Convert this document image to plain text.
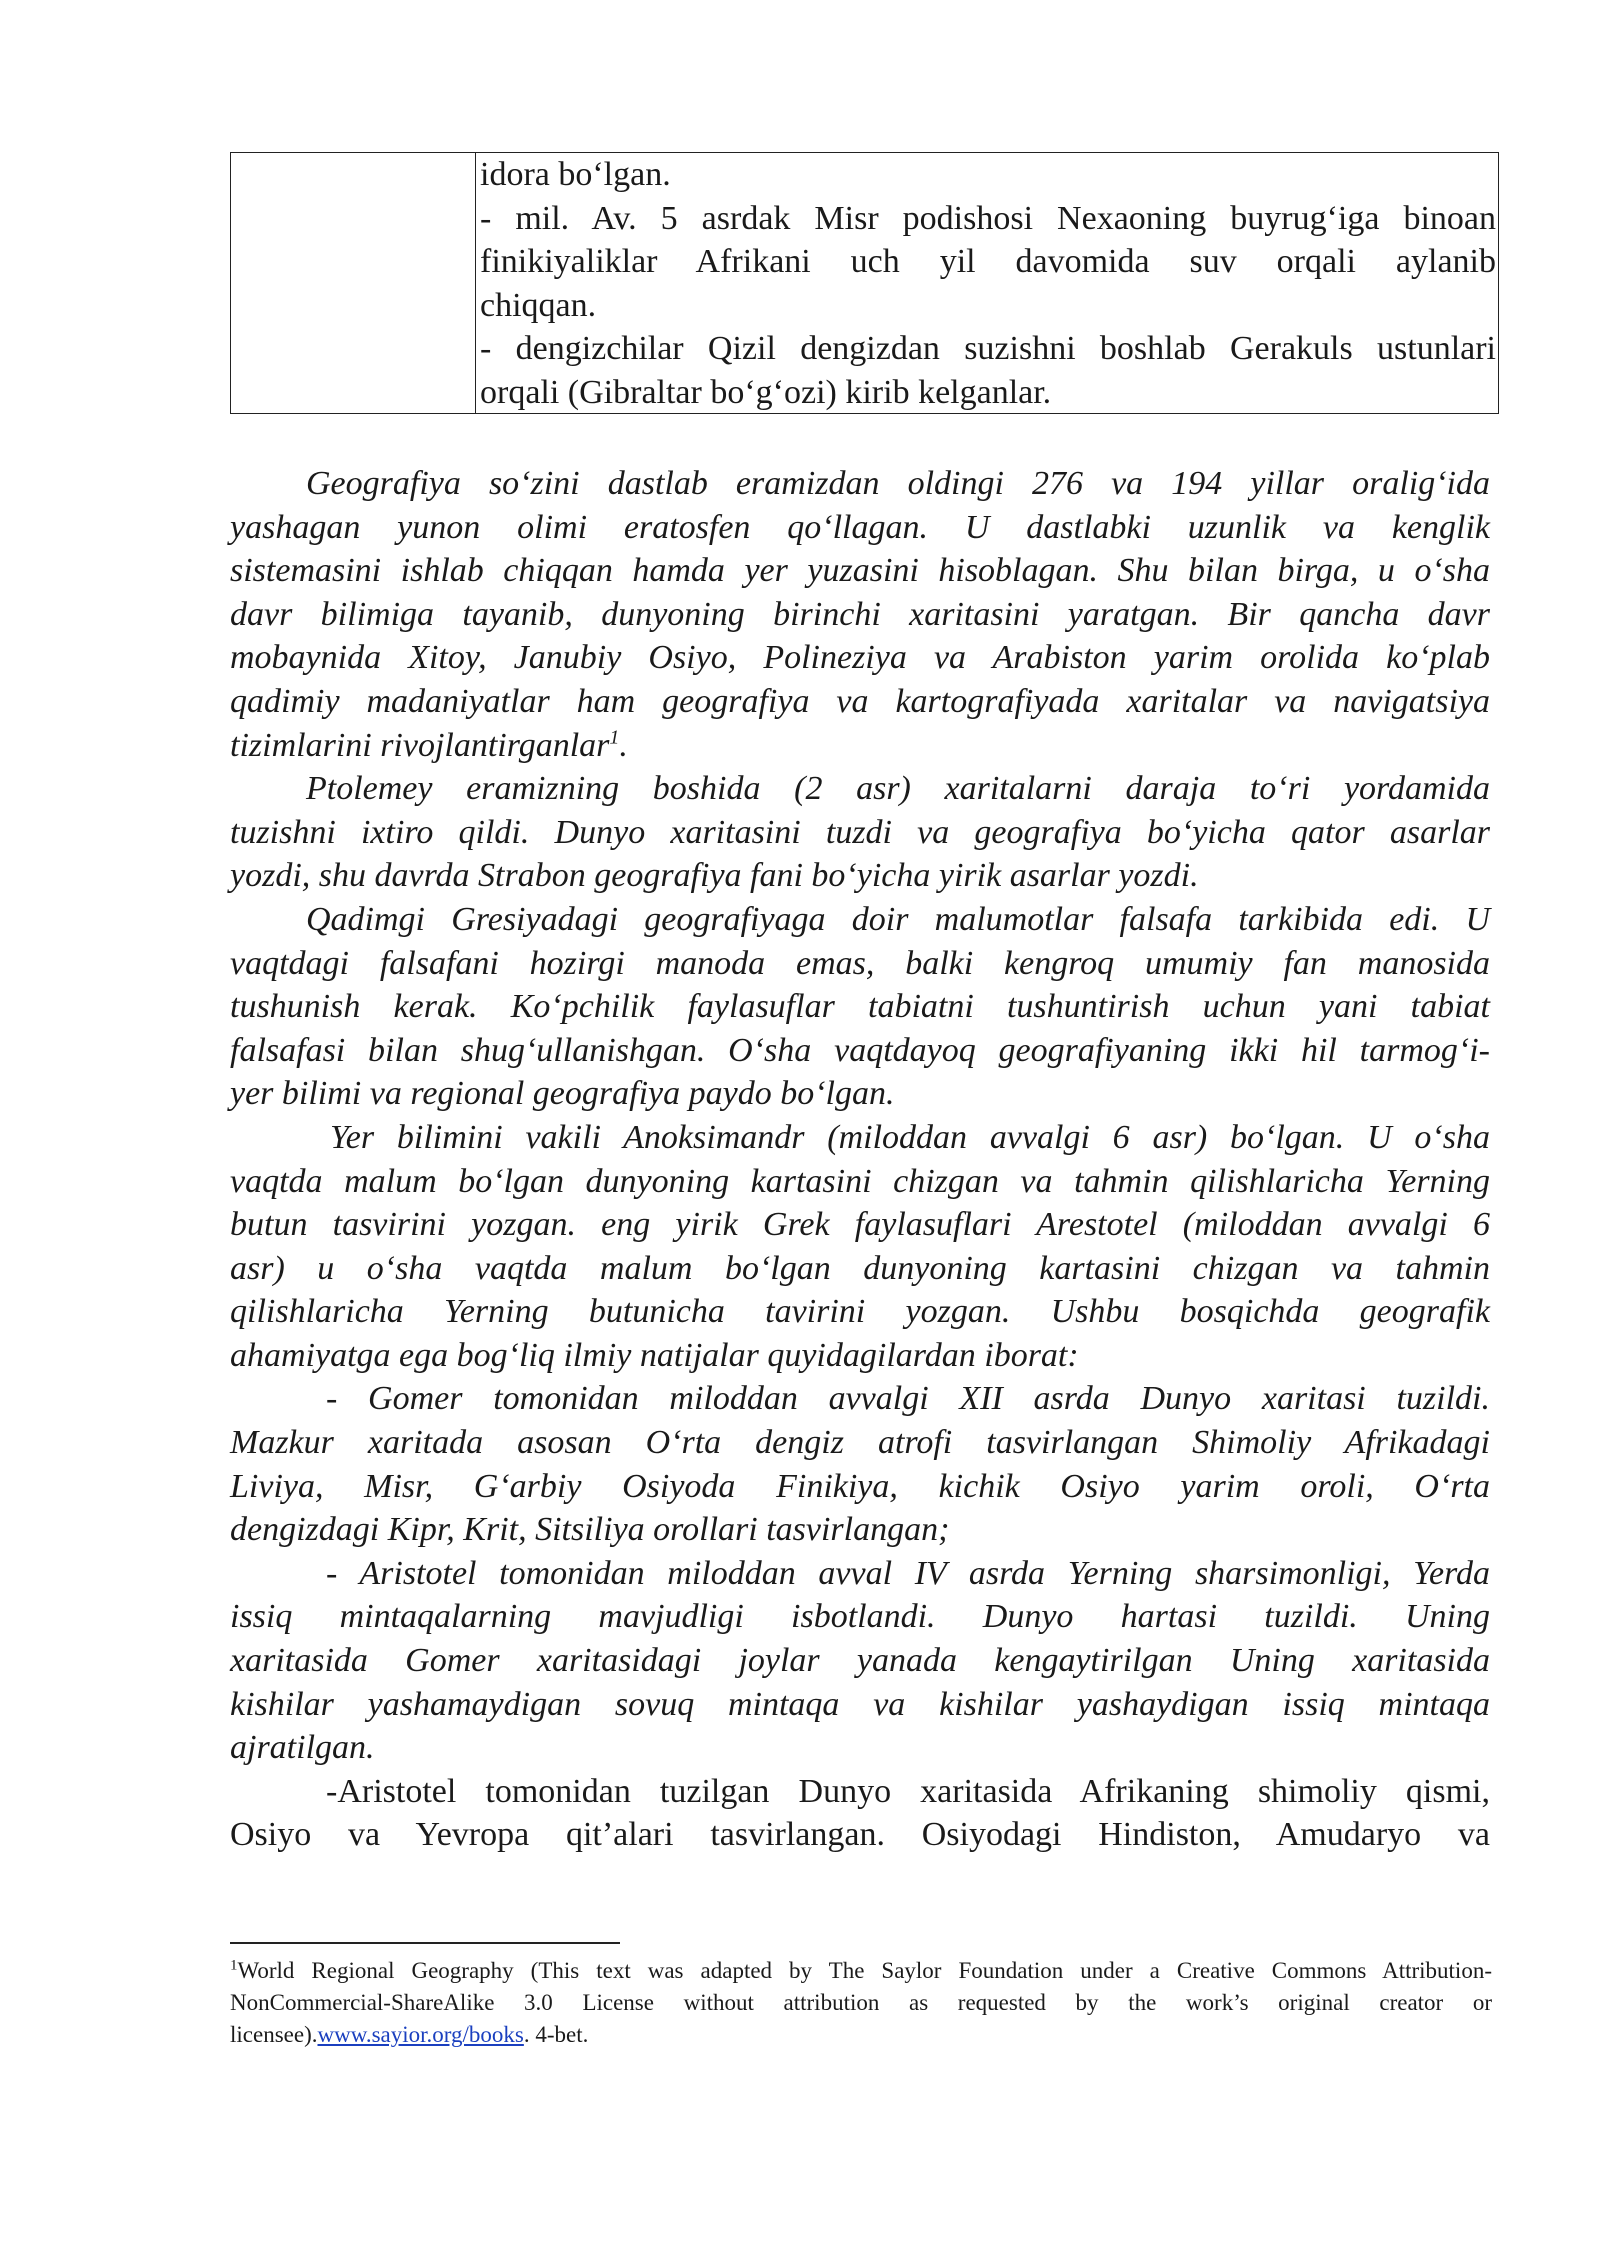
idora bo‘lgan.
- mil. Av. 5 asrdak Misr podishosi Nexaoning buyrug‘iga binoan
finikiyaliklar Afrikani uch yil davomida suv orqali aylanib
chiqqan.
- dengizchilar Qizil dengizdan suzishni boshlab Gerakuls ustunlari
orqali (Gibraltar bo‘g‘ozi) kirib kelganlar.
Geografiya so‘zini dastlab eramizdan oldingi 276 va 194 yillar oralig‘ida
yashagan yunon olimi eratosfen qo‘llagan. U dastlabki uzunlik va kenglik
sistemasini ishlab chiqqan hamda yer yuzasini hisoblagan. Shu bilan birga, u o‘sha
davr bilimiga tayanib, dunyoning birinchi xaritasini yaratgan. Bir qancha davr
mobaynida Xitoy, Janubiy Osiyo, Polineziya va Arabiston yarim orolida ko‘plab
qadimiy madaniyatlar ham geografiya va kartografiyada xaritalar va navigatsiya
tizimlarini rivojlantirganlar$^1$.
Ptolemey eramizning boshida (2 asr) xaritalarni daraja to‘ri yordamida
tuzishni ixtiro qildi. Dunyo xaritasini tuzdi va geografiya bo‘yicha qator asarlar
yozdi, shu davrda Strabon geografiya fani bo‘yicha yirik asarlar yozdi.
Qadimgi Gresiyadagi geografiyaga doir malumotlar falsafa tarkibida edi. U
vaqtdagi falsafani hozirgi manoda emas, balki kengroq umumiy fan manosida
tushunish kerak. Ko‘pchilik faylasuflar tabiatni tushuntirish uchun yani tabiat
falsafasi bilan shug‘ullanishgan. O‘sha vaqtdayoq geografiyaning ikki hil tarmog‘i-
yer bilimi va regional geografiya paydo bo‘lgan.
Yer bilimini vakili Anoksimandr (miloddan avvalgi 6 asr) bo‘lgan. U o‘sha
vaqtda malum bo‘lgan dunyoning kartasini chizgan va tahmin qilishlaricha Yerning
butun tasvirini yozgan. eng yirik Grek faylasuflari Arestotel (miloddan avvalgi 6
asr) u o‘sha vaqtda malum bo‘lgan dunyoning kartasini chizgan va tahmin
qilishlaricha Yerning butunicha tavirini yozgan. Ushbu bosqichda geografik
ahamiyatga ega bog‘liq ilmiy natijalar quyidagilardan iborat:
- Gomer tomonidan miloddan avvalgi XII asrda Dunyo xaritasi tuzildi.
Mazkur xaritada asosan O‘rta dengiz atrofi tasvirlangan Shimoliy Afrikadagi
Liviya, Misr, G‘arbiy Osiyoda Finikiya, kichik Osiyo yarim oroli, O‘rta
dengizdagi Kipr, Krit, Sitsiliya orollari tasvirlangan;
- Aristotel tomonidan miloddan avval IV asrda Yerning sharsimonligi, Yerda
issiq mintaqalarning mavjudligi isbotlandi. Dunyo hartasi tuzildi. Uning
xaritasida Gomer xaritasidagi joylar yanada kengaytirilgan Uning xaritasida
kishilar yashamaydigan sovuq mintaqa va kishilar yashaydigan issiq mintaqa
ajratilgan.
-Aristotel tomonidan tuzilgan Dunyo xaritasida Afrikaning shimoliy qismi,
Osiyo va Yevropa qit’alari tasvirlangan. Osiyodagi Hindiston, Amudaryo va
$^1$World Regional Geography (This text was adapted by The Saylor Foundation under a Creative Commons Attribution-
NonCommercial-ShareAlike 3.0 License without attribution as requested by the work’s original creator or
licensee).www.sayior.org/books. 4-bet.
